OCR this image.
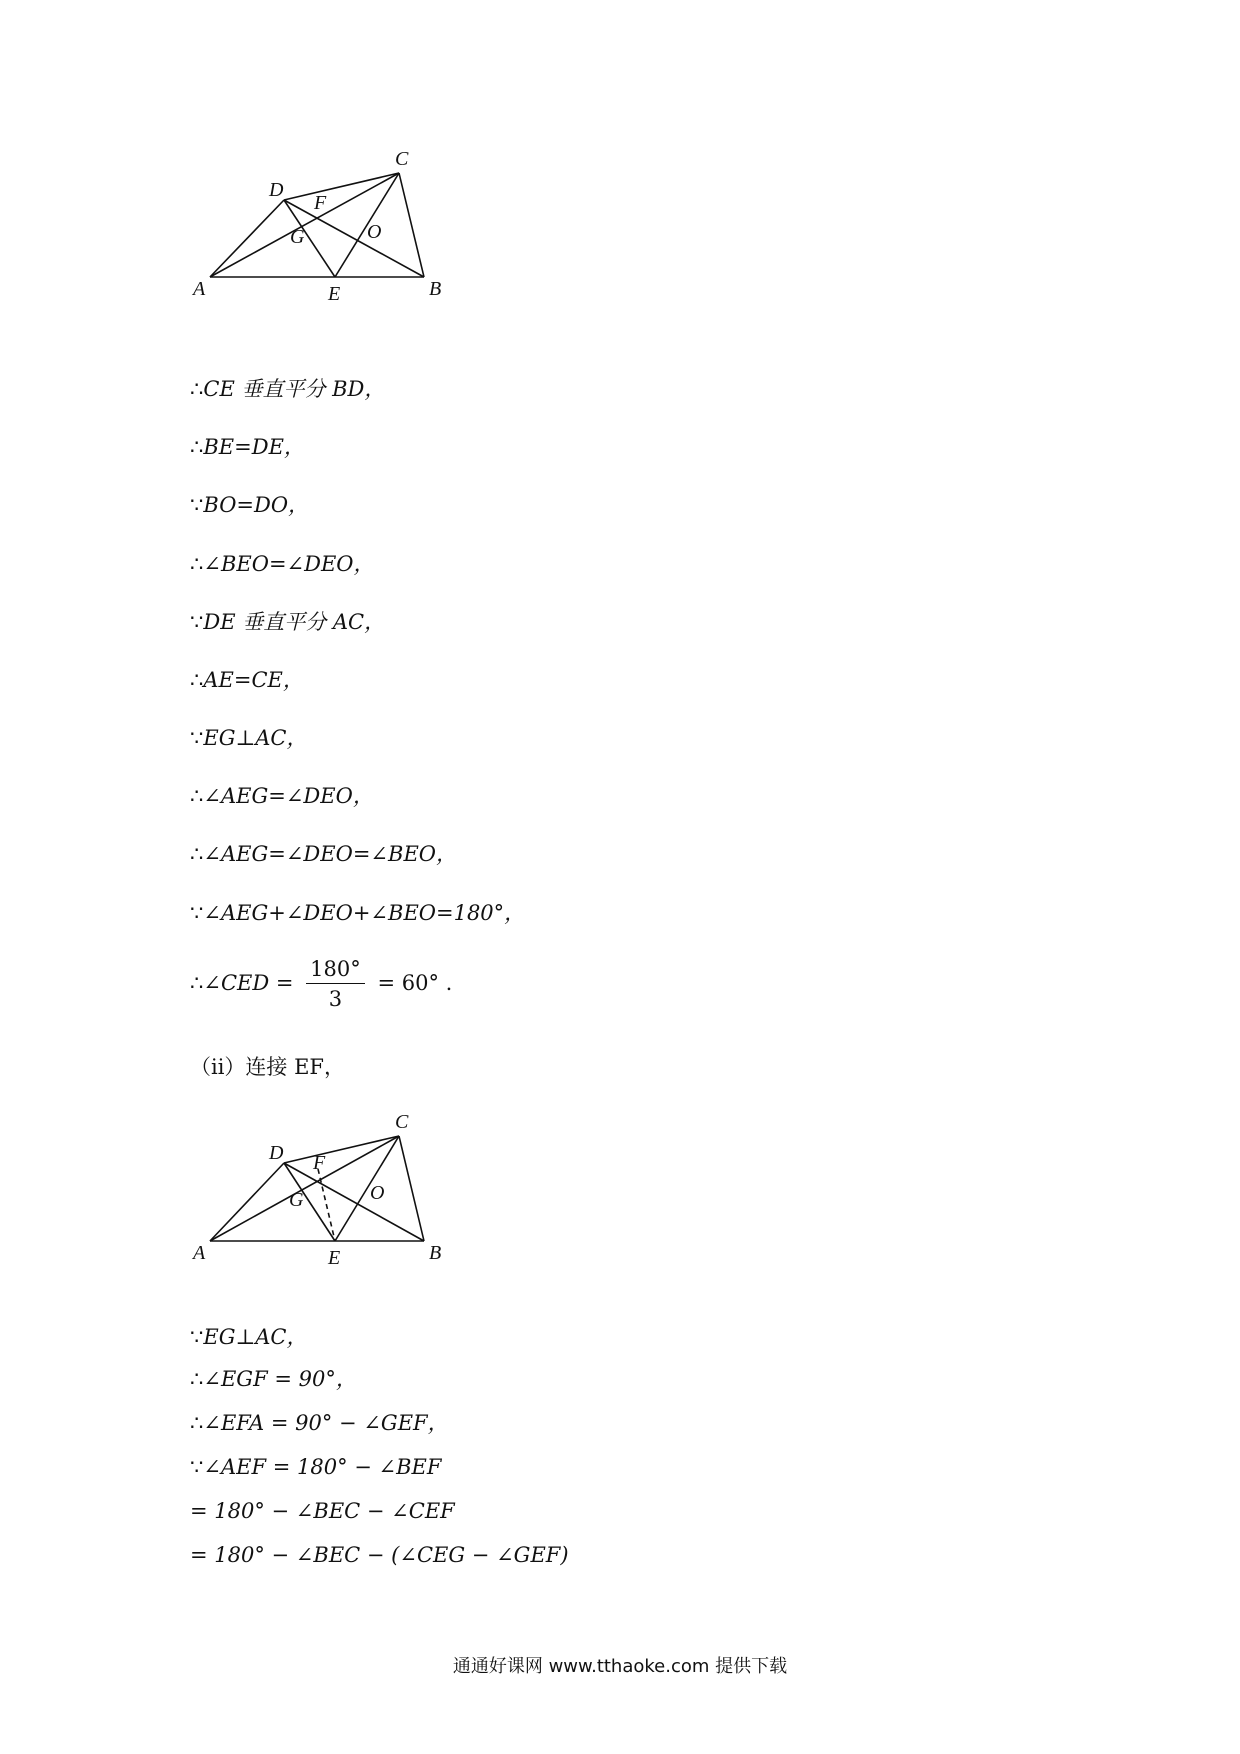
A	B
C
D
E
F
G	O
∴CE 垂直平分 BD，
∴BE=DE，
∵BO=DO，
∴∠BEO=∠DEO，
∵DE 垂直平分 AC，
∴AE=CE，
∵EG⊥AC，
∴∠AEG=∠DEO，
∴∠AEG=∠DEO=∠BEO，
∵∠AEG+∠DEO+∠BEO=180°，
∴∠CED = $\frac{180^\circ}{3} = 60^\circ$ .
（ⅱ）连接 EF，
A	B
C
D
E
F
G	O
∵EG⊥AC，
∴∠EGF = 90°，
∴∠EFA = 90° − ∠GEF，
∵∠AEF = 180° − ∠BEF
= 180° − ∠BEC − ∠CEF
= 180° − ∠BEC − (∠CEG − ∠GEF)
通通好课网 www.tthaoke.com 提供下载
